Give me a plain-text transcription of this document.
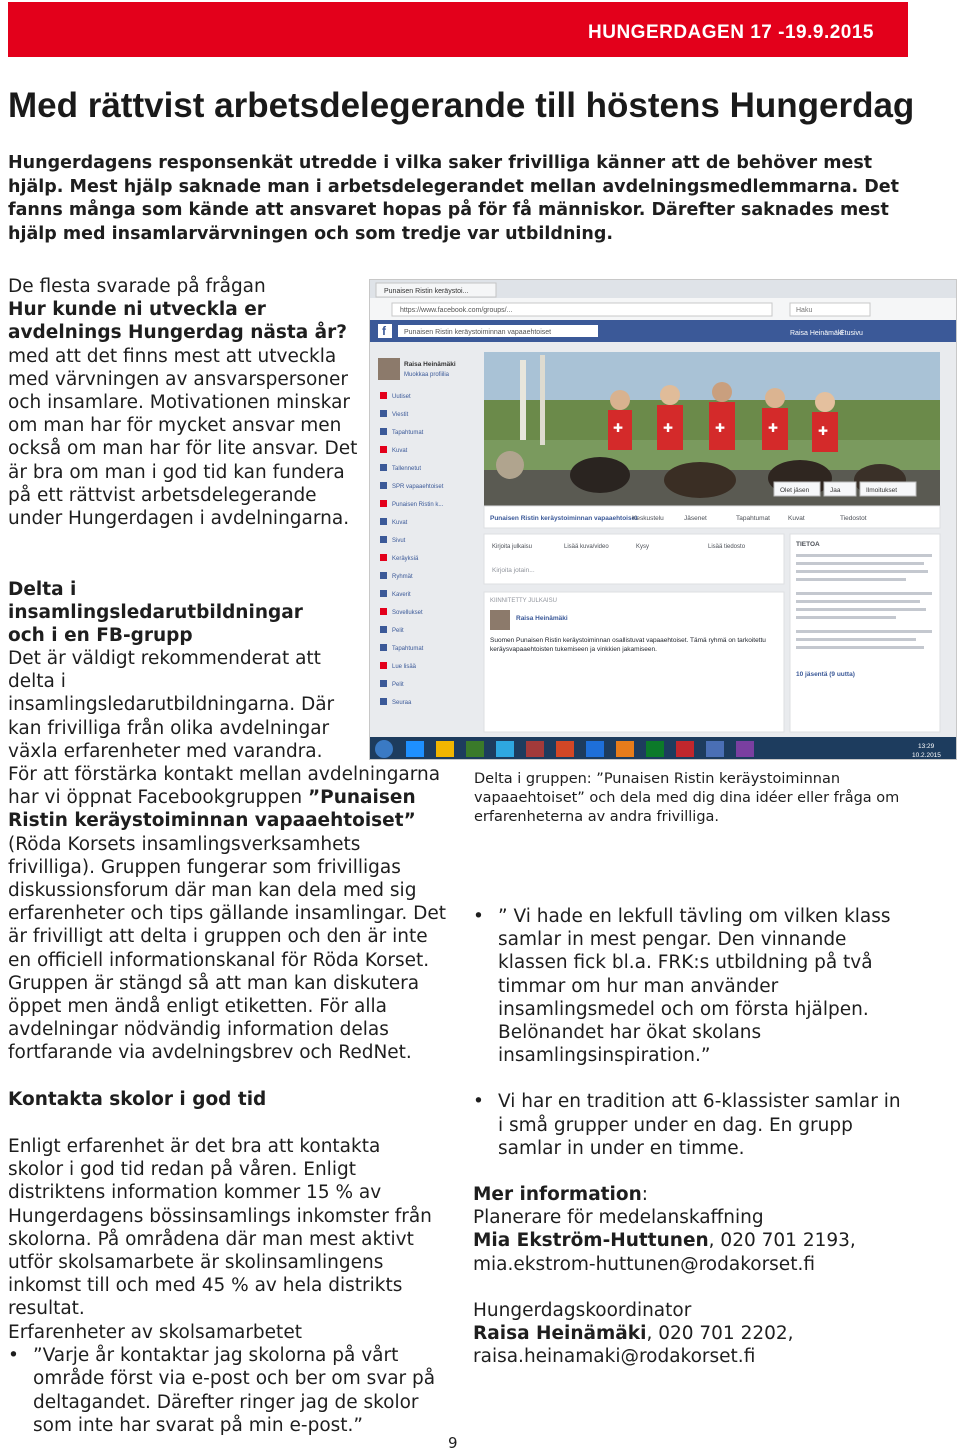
HUNGERDAGEN 17 -19.9.2015
Med rättvist arbetsdelegerande till höstens Hungerdag

Hungerdagens responsenkät utredde i vilka saker frivilliga känner att de behöver mest hjälp. Mest hjälp saknade man i arbetsdelegerandet mellan avdelningsmedlemmarna. Det fanns många som kände att ansvaret hopas på för få människor. Därefter saknades mest hjälp med insamlarvärvningen och som tredje var utbildning.

De flesta svarade på frågan
Hur kunde ni utveckla er avdelnings Hungerdag nästa år? med att det finns mest att utveckla med värvningen av ansvarspersoner och insamlare. Motivationen minskar om man har för mycket ansvar men också om man har för lite ansvar. Det är bra om man i god tid kan fundera på ett rättvist arbetsdelegerande under Hungerdagen i avdelningarna.
Delta i insamlingsledarutbildningar och i en FB-grupp
Det är väldigt rekommenderat att delta i insamlingsledarutbildningarna. Där kan frivilliga från olika avdelningar växla erfarenheter med varandra. För att förstärka kontakt mellan avdelningarna har vi öppnat Facebookgruppen ”Punaisen Ristin keräystoiminnan vapaaehtoiset” (Röda Korsets insamlingsverksamhets frivilliga). Gruppen fungerar som frivilligas diskussionsforum där man kan dela med sig erfarenheter och tips gällande insamlingar. Det är frivilligt att delta i gruppen och den är inte en officiell informationskanal för Röda Korset. Gruppen är stängd så att man kan diskutera öppet men ändå enligt etiketten. För alla avdelningar nödvändig information delas fortfarande via avdelningsbrev och RedNet.
Punaisen Ristin keräystoi...
https://www.facebook.com/groups/...	Haku
f	Punaisen Ristin keräystoiminnan vapaaehtoiset	Raisa Heinämäki
Etusivu
Raisa Heinämäki
Muokkaa profiilia
Uutiset
Viestit
Tapahtumat
Kuvat
Tallennetut
SPR vapaaehtoiset
Punaisen Ristin k...
Kuvat
Sivut
Keräyksiä
Ryhmät
Kaverit
Sovellukset
Pelit
Tapahtumat
Lue lisää
Pelit
Seuraa
✚	✚	✚	✚	✚
Olet jäsen	Jaa	Ilmoitukset
Punaisen Ristin keräystoiminnan vapaaehtoiset
Keskustelu	Jäsenet	Tapahtumat	Kuvat	Tiedostot
Kirjoita julkaisu	Lisää kuva/video	Kysy	Lisää tiedosto
Kirjoita jotain...
KIINNITETTY JULKAISU
Raisa Heinämäki
Suomen Punaisen Ristin keräystoiminnan osallistuvat vapaaehtoiset. Tämä ryhmä on tarkoitettu keräysvapaaehtoisten tukemiseen ja vinkkien jakamiseen.
TIETOA
10 jäsentä (9 uutta)
13:29
10.2.2015

Delta i gruppen: ”Punaisen Ristin keräystoiminnan vapaaehtoiset” och dela med dig dina idéer eller fråga om erfarenheterna av andra frivilliga.

Kontakta skolor i god tid

Enligt erfarenhet är det bra att kontakta skolor i god tid redan på våren. Enligt distriktens information kommer 15 % av Hungerdagens bössinsamlings inkomster från skolorna. På områdena där man mest aktivt utför skolsamarbete är skolinsamlingens inkomst till och med 45 % av hela distrikts resultat.

Erfarenheter av skolsamarbetet
• ”Varje år kontaktar jag skolorna på vårt område först via e-post och ber om svar på deltagandet. Därefter ringer jag de skolor som inte har svarat på min e-post.”
• ” Vi hade en lekfull tävling om vilken klass samlar in mest pengar. Den vinnande klassen fick bl.a. FRK:s utbildning på två timmar om hur man använder insamlingsmedel och om första hjälpen. Belönandet har ökat skolans insamlingsinspiration.”
• Vi har en tradition att 6-klassister samlar in i små grupper under en dag. En grupp samlar in under en timme.
Mer information:
Planerare för medelanskaffning
Mia Ekström-Huttunen, 020 701 2193,
mia.ekstrom-huttunen@rodakorset.fi
Hungerdagskoordinator
Raisa Heinämäki, 020 701 2202,
raisa.heinamaki@rodakorset.fi
9
